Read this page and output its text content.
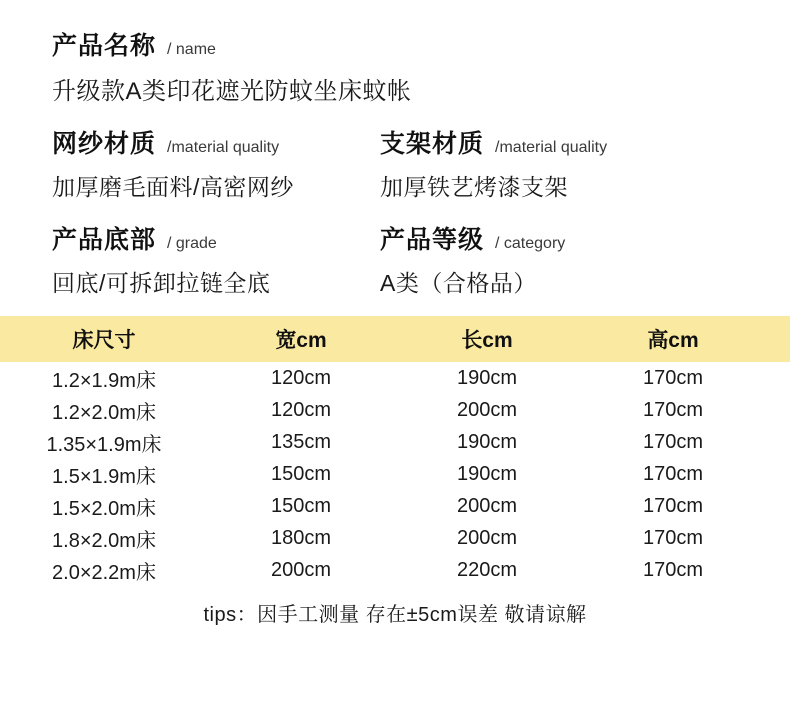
产品名称 / name
升级款A类印花遮光防蚊坐床蚊帐
网纱材质 /material quality
加厚磨毛面料/高密网纱
支架材质 /material quality
加厚铁艺烤漆支架
产品底部 / grade
回底/可拆卸拉链全底
产品等级 / category
A类（合格品）
床尺寸	宽cm	长cm	高cm
1.2×1.9m床	120cm	190cm	170cm
1.2×2.0m床	120cm	200cm	170cm
1.35×1.9m床	135cm	190cm	170cm
1.5×1.9m床	150cm	190cm	170cm
1.5×2.0m床	150cm	200cm	170cm
1.8×2.0m床	180cm	200cm	170cm
2.0×2.2m床	200cm	220cm	170cm
tips：因手工测量 存在±5cm误差 敬请谅解
